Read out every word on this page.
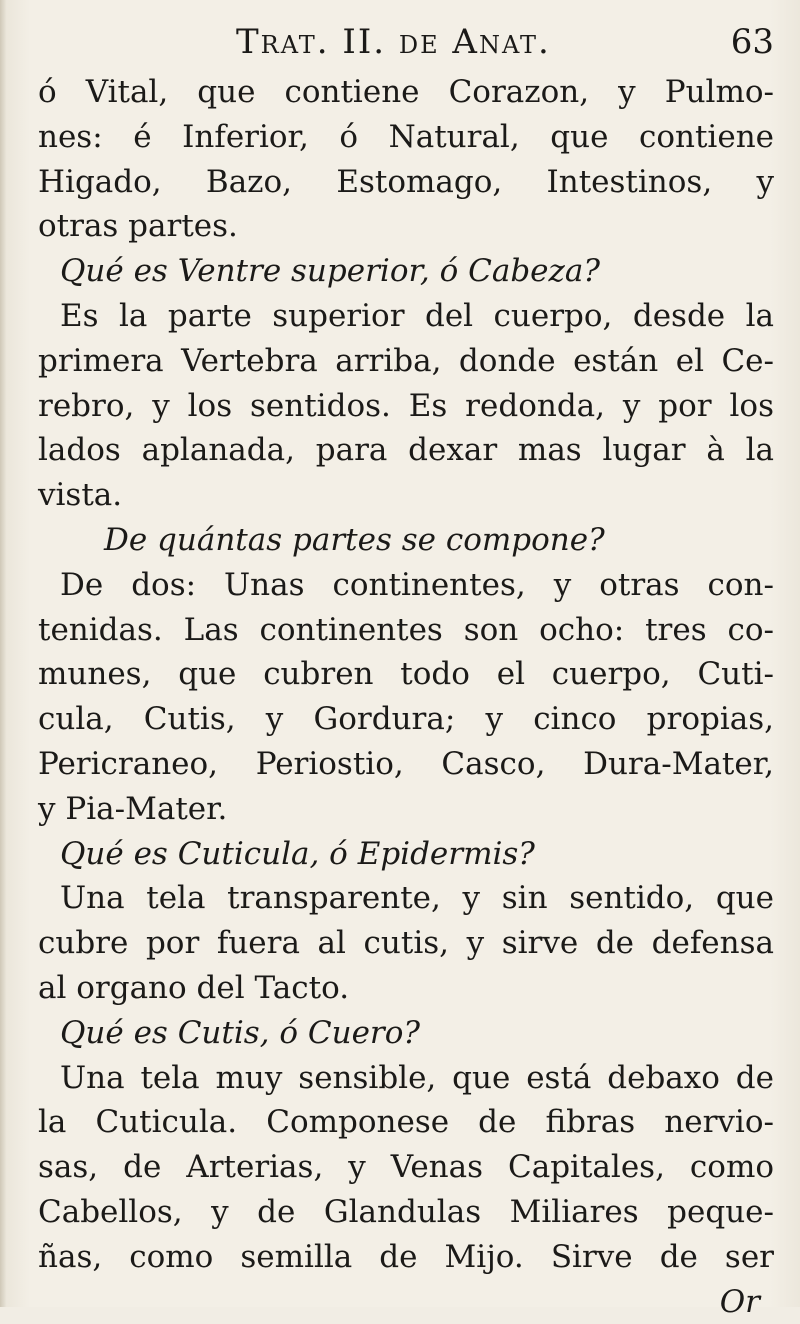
Trat. II. de Anat.	63
ó Vital, que contiene Corazon, y Pulmo-
nes: é Inferior, ó Natural, que contiene
Higado, Bazo, Estomago, Intestinos, y
otras partes.
Qué es Ventre superior, ó Cabeza?
Es la parte superior del cuerpo, desde la
primera Vertebra arriba, donde están el Ce-
rebro, y los sentidos. Es redonda, y por los
lados aplanada, para dexar mas lugar à la
vista.
De quántas partes se compone?
De dos: Unas continentes, y otras con-
tenidas. Las continentes son ocho: tres co-
munes, que cubren todo el cuerpo, Cuti-
cula, Cutis, y Gordura; y cinco propias,
Pericraneo, Periostio, Casco, Dura-Mater,
y Pia-Mater.
Qué es Cuticula, ó Epidermis?
Una tela transparente, y sin sentido, que
cubre por fuera al cutis, y sirve de defensa
al organo del Tacto.
Qué es Cutis, ó Cuero?
Una tela muy sensible, que está debaxo de
la Cuticula. Componese de fibras nervio-
sas, de Arterias, y Venas Capitales, como
Cabellos, y de Glandulas Miliares peque-
ñas, como semilla de Mijo. Sirve de ser
Or
